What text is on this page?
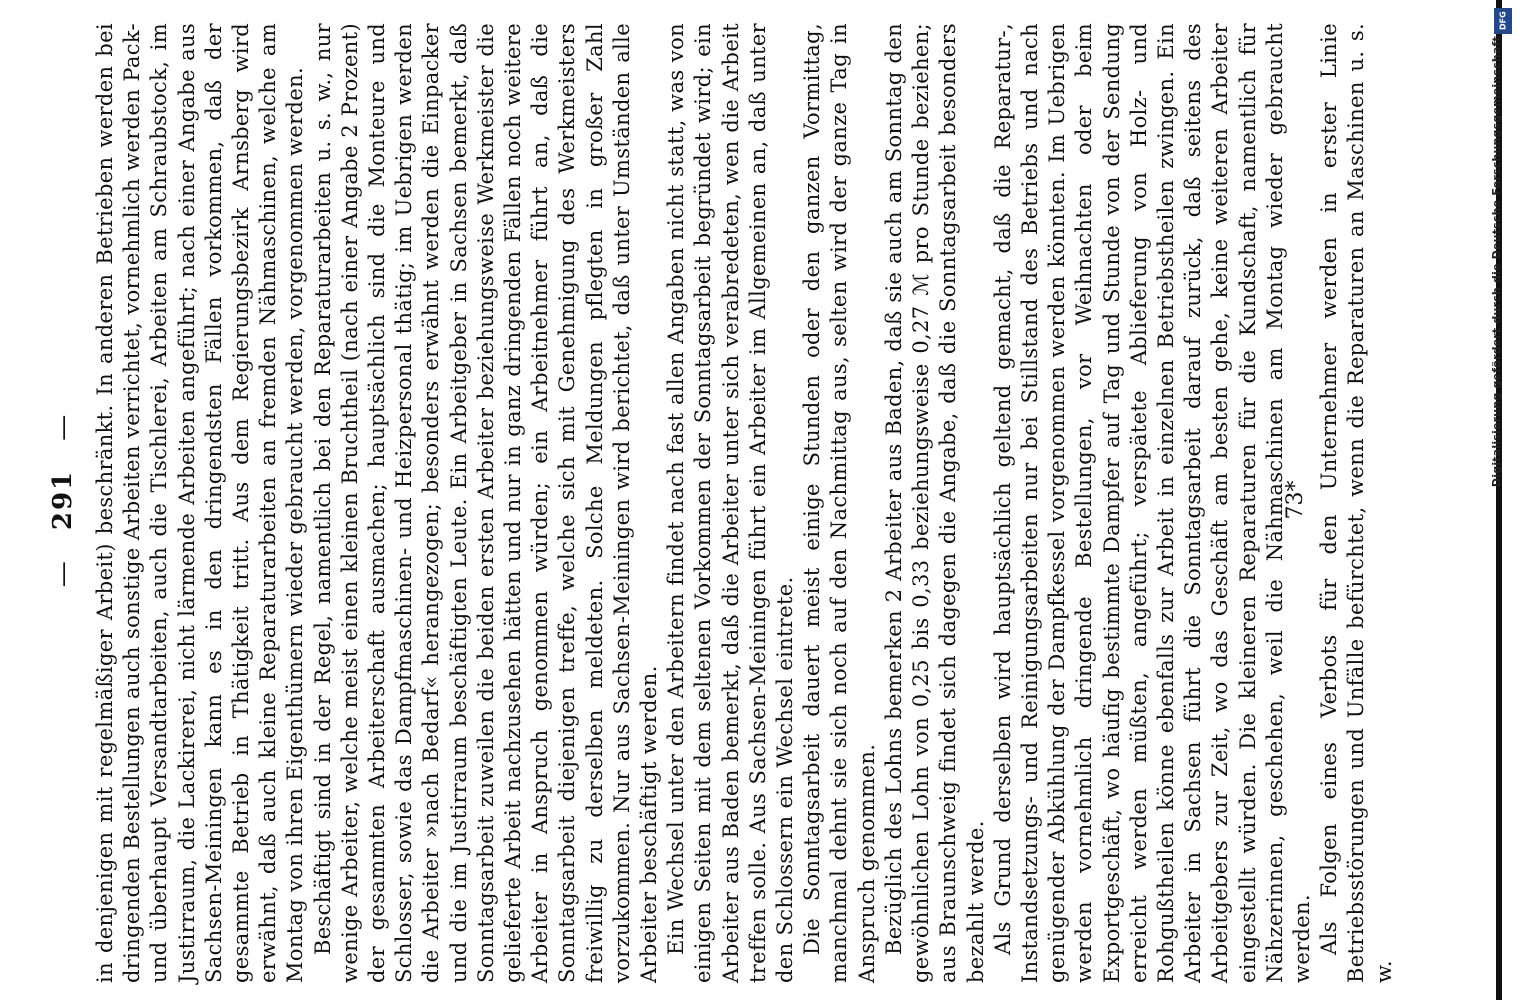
— 291 — in denjenigen mit regelmäßiger Arbeit) beschränkt. In anderen Betrieben werden bei dringenden Bestellungen auch sonstige Arbeiten verrichtet, vornehmlich werden Pack- und überhaupt Versandtarbeiten, auch die Tischlerei, Arbeiten am Schraubstock, im Justirraum, die Lackirerei, nicht lärmende Arbeiten angeführt; nach einer Angabe aus Sachsen-Meiningen kann es in den dringendsten Fällen vorkommen, daß der gesammte Betrieb in Thätigkeit tritt. Aus dem Regierungsbezirk Arnsberg wird erwähnt, daß auch kleine Reparaturarbeiten an fremden Nähmaschinen, welche am Montag von ihren Eigenthümern wieder gebraucht werden, vorgenommen werden. Beschäftigt sind in der Regel, namentlich bei den Reparaturarbeiten u. s. w., nur wenige Arbeiter, welche meist einen kleinen Bruchtheil (nach einer Angabe 2 Prozent) der gesammten Arbeiterschaft ausmachen; hauptsächlich sind die Monteure und Schlosser, sowie das Dampfmaschinen- und Heizpersonal thätig; im Uebrigen werden die Arbeiter »nach Bedarf« herangezogen; besonders erwähnt werden die Einpacker und die im Justirraum beschäftigten Leute. Ein Arbeitgeber in Sachsen bemerkt, daß Sonntagsarbeit zuweilen die beiden ersten Arbeiter beziehungsweise Werkmeister die gelieferte Arbeit nachzusehen hätten und nur in ganz dringenden Fällen noch weitere Arbeiter in Anspruch genommen würden; ein Arbeitnehmer führt an, daß die Sonntagsarbeit diejenigen treffe, welche sich mit Genehmigung des Werkmeisters freiwillig zu derselben meldeten. Solche Meldungen pflegten in großer Zahl vorzukommen. Nur aus Sachsen-Meiningen wird berichtet, daß unter Umständen alle Arbeiter beschäftigt werden. Ein Wechsel unter den Arbeitern findet nach fast allen Angaben nicht statt, was von einigen Seiten mit dem seltenen Vorkommen der Sonntagsarbeit begründet wird; ein Arbeiter aus Baden bemerkt, daß die Arbeiter unter sich verabredeten, wen die Arbeit treffen solle. Aus Sachsen-Meiningen führt ein Arbeiter im Allgemeinen an, daß unter den Schlossern ein Wechsel eintrete. Die Sonntagsarbeit dauert meist einige Stunden oder den ganzen Vormittag, manchmal dehnt sie sich noch auf den Nachmittag aus, selten wird der ganze Tag in Anspruch genommen. Bezüglich des Lohns bemerken 2 Arbeiter aus Baden, daß sie auch am Sonntag den gewöhnlichen Lohn von 0,25 bis 0,33 beziehungsweise 0,27 ℳ pro Stunde beziehen; aus Braunschweig findet sich dagegen die Angabe, daß die Sonntagsarbeit besonders bezahlt werde. Als Grund derselben wird hauptsächlich geltend gemacht, daß die Reparatur-, Instandsetzungs- und Reinigungsarbeiten nur bei Stillstand des Betriebs und nach genügender Abkühlung der Dampfkessel vorgenommen werden könnten. Im Uebrigen werden vornehmlich dringende Bestellungen, vor Weihnachten oder beim Exportgeschäft, wo häufig bestimmte Dampfer auf Tag und Stunde von der Sendung erreicht werden müßten, angeführt; verspätete Ablieferung von Holz- und Rohgußtheilen könne ebenfalls zur Arbeit in einzelnen Betriebstheilen zwingen. Ein Arbeiter in Sachsen führt die Sonntagsarbeit darauf zurück, daß seitens des Arbeitgebers zur Zeit, wo das Geschäft am besten gehe, keine weiteren Arbeiter eingestellt würden. Die kleineren Reparaturen für die Kundschaft, namentlich für Nähzerinnen, geschehen, weil die Nähmaschinen am Montag wieder gebraucht werden. Als Folgen eines Verbots für den Unternehmer werden in erster Linie Betriebsstörungen und Unfälle befürchtet, wenn die Reparaturen an Maschinen u. s. w.

73*
DFG
Digitalisierung gefördert durch die Deutsche Forschungsgemeinschaft
